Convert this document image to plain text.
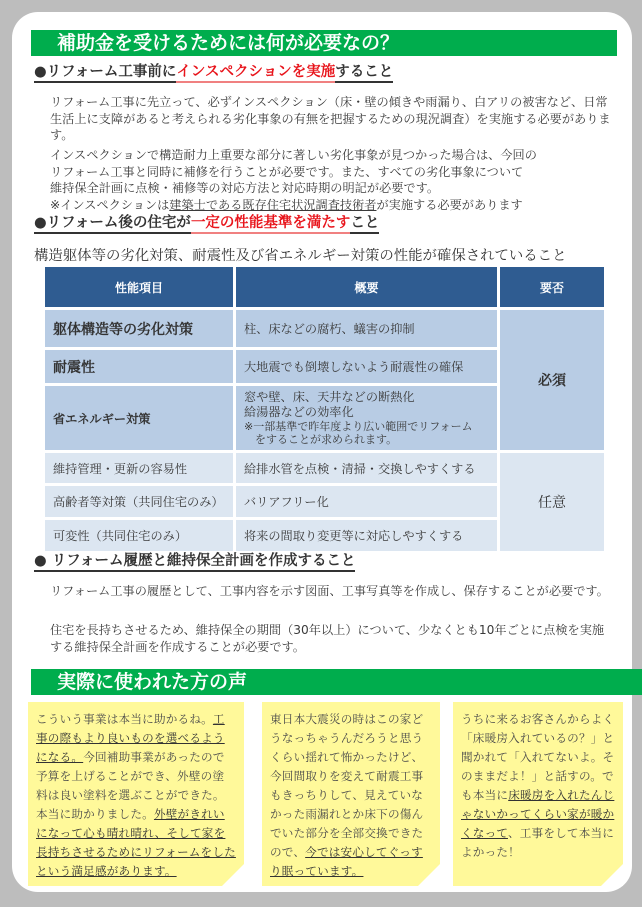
補助金を受けるためには何が必要なの？
●リフォーム工事前にインスペクションを実施すること
リフォーム工事に先立って、必ずインスペクション（床・壁の傾きや雨漏り、白アリの被害など、日常生活上に支障があると考えられる劣化事象の有無を把握するための現況調査）を実施する必要があります。
インスペクションで構造耐力上重要な部分に著しい劣化事象が見つかった場合は、今回の
リフォーム工事と同時に補修を行うことが必要です。また、すべての劣化事象について
維持保全計画に点検・補修等の対応方法と対応時期の明記が必要です。
※インスペクションは建築士である既存住宅状況調査技術者が実施する必要があります
●リフォーム後の住宅が一定の性能基準を満たすこと
構造躯体等の劣化対策、耐震性及び省エネルギー対策の性能が確保されていること
性能項目	概要	要否
躯体構造等の劣化対策	柱、床などの腐朽、蟻害の抑制	必須
耐震性	大地震でも倒壊しないよう耐震性の確保	
省エネルギー対策	窓や壁、床、天井などの断熱化
給湯器などの効率化
※一部基準で昨年度より広い範囲でリフォーム
　をすることが求められます。	

維持管理・更新の容易性	給排水管を点検・清掃・交換しやすくする	任意
高齢者等対策（共同住宅のみ）	バリアフリー化	
可変性（共同住宅のみ）	将来の間取り変更等に対応しやすくする	
● リフォーム履歴と維持保全計画を作成すること
リフォーム工事の履歴として、工事内容を示す図面、工事写真等を作成し、保存することが必要です。
住宅を長持ちさせるため、維持保全の期間（30年以上）について、少なくとも10年ごとに点検を実施する維持保全計画を作成することが必要です。
実際に使われた方の声
こういう事業は本当に助かるね。工事の際もより良いものを選べるようになる。今回補助事業があったので予算を上げることができ、外壁の塗料は良い塗料を選ぶことができた。本当に助かりました。外壁がきれいになって心も晴れ晴れ、そして家を長持ちさせるためにリフォームをしたという満足感があります。
東日本大震災の時はこの家どうなっちゃうんだろうと思うくらい揺れて怖かったけど、今回間取りを変えて耐震工事もきっちりして、見えていなかった雨漏れとか床下の傷んでいた部分を全部交換できたので、今では安心してぐっすり眠っています。
うちに来るお客さんからよく「床暖房入れているの？」と聞かれて「入れてないよ。そのままだよ！」と話すの。でも本当に床暖房を入れたんじゃないかってくらい家が暖かくなって、工事をして本当によかった！
